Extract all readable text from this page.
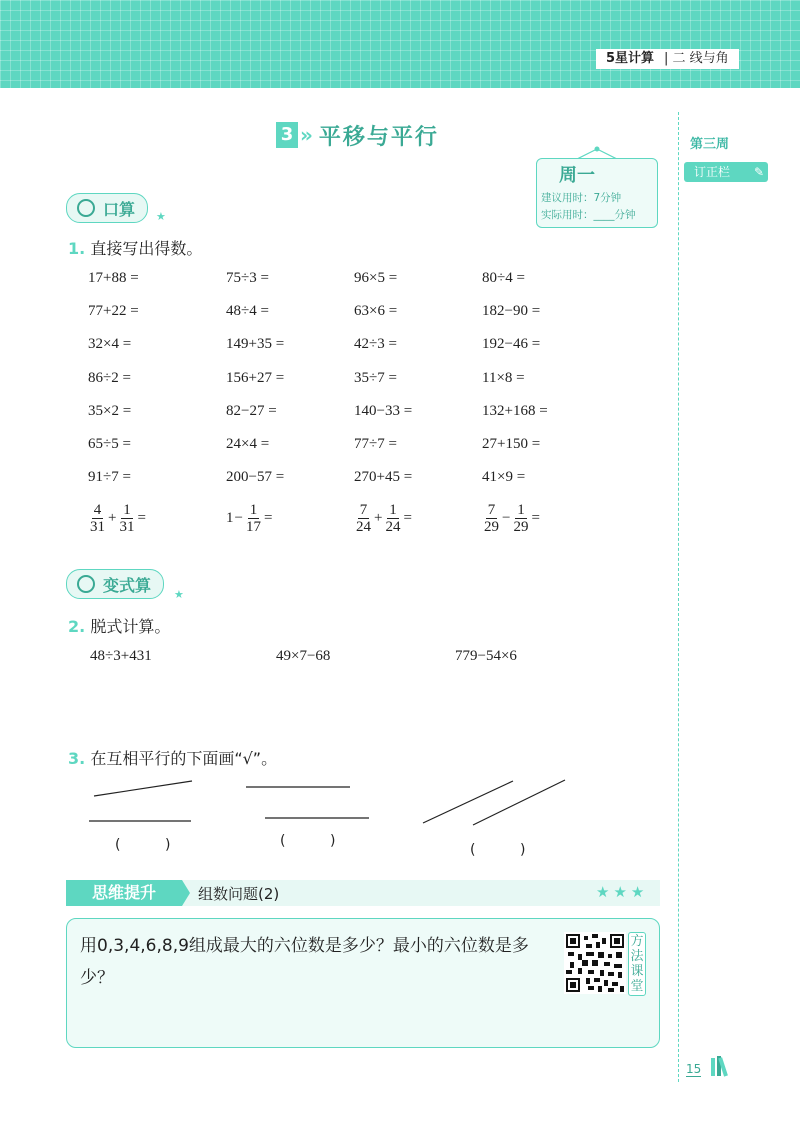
5星计算 | 二 线与角
第三周
订正栏 ✎
3 » 平移与平行
周一
建议用时：7分钟
实际用时：____分钟
口算 ★
1. 直接写出得数。
17+88 =	75÷3 =	96×5 =	80÷4 =
77+22 =	48÷4 =	63×6 =	182−90 =
32×4 =	149+35 =	42÷3 =	192−46 =
86÷2 =	156+27 =	35÷7 =	11×8 =
35×2 =	82−27 =	140−33 =	132+168 =
65÷5 =	24×4 =	77÷7 =	27+150 =
91÷7 =	200−57 =	270+45 =	41×9 =
$\frac{4}{31} + \frac{1}{31}$ =	$1 - \frac{1}{17}$ =	$\frac{7}{24} + \frac{1}{24}$ =	$\frac{7}{29} - \frac{1}{29}$ =
变式算 ★
2. 脱式计算。
48÷3+431	49×7−68	779−54×6
3. 在互相平行的下面画“√”。
(          )	(          )
(          )
思维提升	组数问题(2)	★★★
用0,3,4,6,8,9组成最大的六位数是多少？最小的六位数是多少？
方法课堂
15
